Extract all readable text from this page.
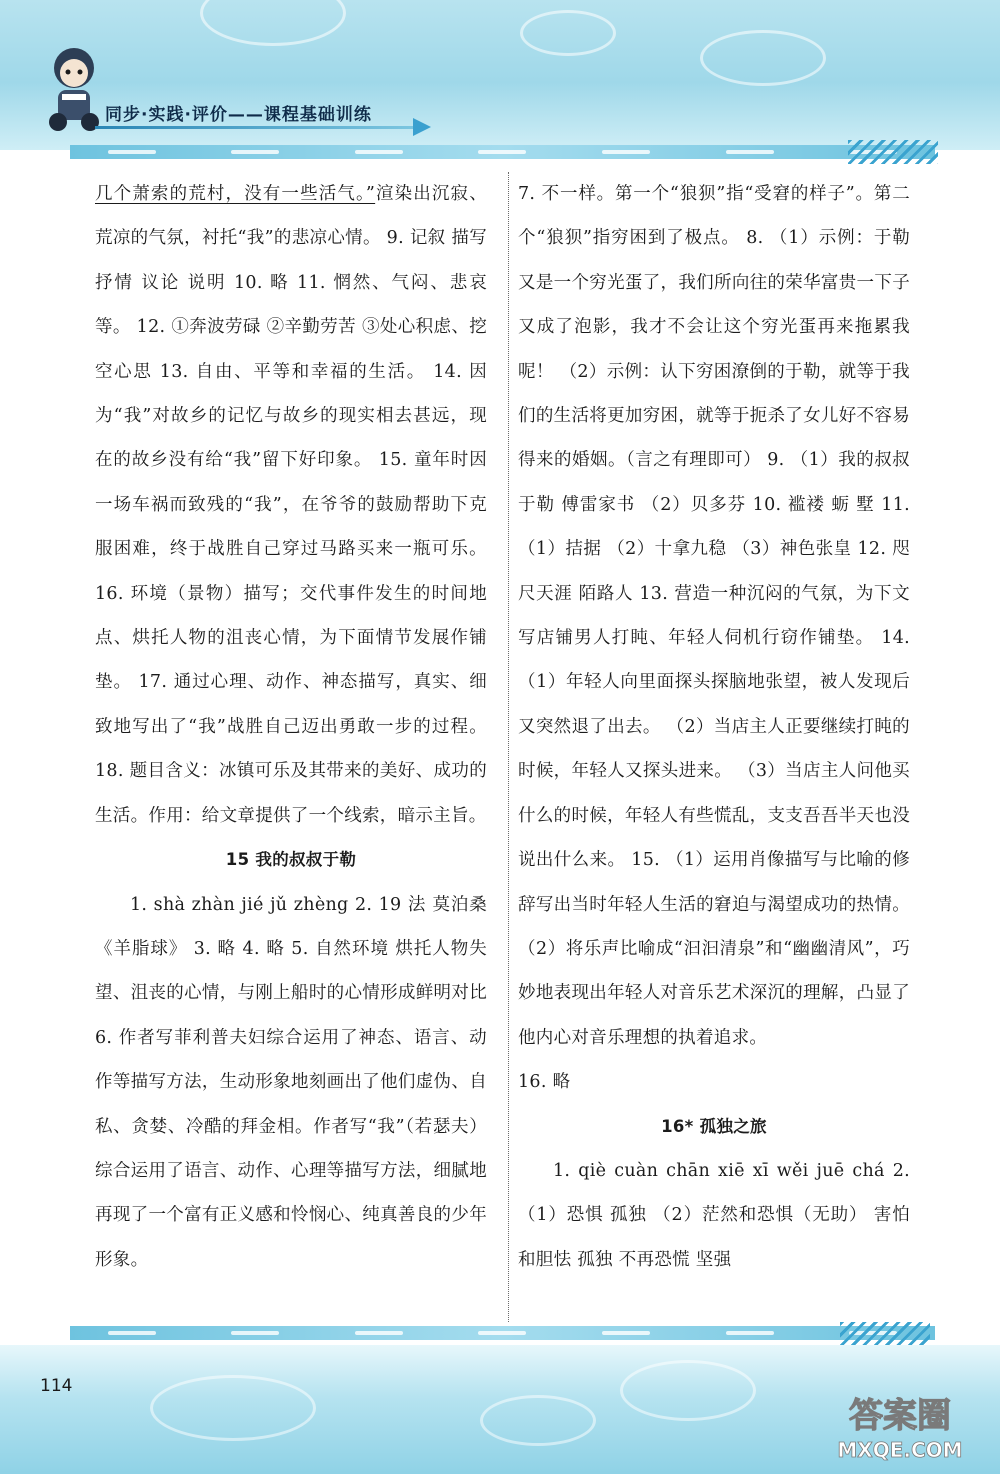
同步·实践·评价——课程基础训练

几个萧索的荒村，没有一些活气。”渲染出沉寂、荒凉的气氛，衬托“我”的悲凉心情。 9. 记叙 描写 抒情 议论 说明 10. 略 11. 惘然、气闷、悲哀等。 12. ①奔波劳碌 ②辛勤劳苦 ③处心积虑、挖空心思 13. 自由、平等和幸福的生活。 14. 因为“我”对故乡的记忆与故乡的现实相去甚远，现在的故乡没有给“我”留下好印象。 15. 童年时因一场车祸而致残的“我”，在爷爷的鼓励帮助下克服困难，终于战胜自己穿过马路买来一瓶可乐。 16. 环境（景物）描写；交代事件发生的时间地点、烘托人物的沮丧心情，为下面情节发展作铺垫。 17. 通过心理、动作、神态描写，真实、细致地写出了“我”战胜自己迈出勇敢一步的过程。 18. 题目含义：冰镇可乐及其带来的美好、成功的生活。作用：给文章提供了一个线索，暗示主旨。

15 我的叔叔于勒

1. shà zhàn jié jǔ zhèng 2. 19 法 莫泊桑 《羊脂球》 3. 略 4. 略 5. 自然环境 烘托人物失望、沮丧的心情，与刚上船时的心情形成鲜明对比 6. 作者写菲利普夫妇综合运用了神态、语言、动作等描写方法，生动形象地刻画出了他们虚伪、自私、贪婪、冷酷的拜金相。作者写“我”（若瑟夫）综合运用了语言、动作、心理等描写方法，细腻地再现了一个富有正义感和怜悯心、纯真善良的少年形象。

7. 不一样。第一个“狼狈”指“受窘的样子”。第二个“狼狈”指穷困到了极点。 8. （1）示例：于勒又是一个穷光蛋了，我们所向往的荣华富贵一下子又成了泡影，我才不会让这个穷光蛋再来拖累我呢！ （2）示例：认下穷困潦倒的于勒，就等于我们的生活将更加穷困，就等于扼杀了女儿好不容易得来的婚姻。（言之有理即可） 9. （1）我的叔叔于勒 傅雷家书 （2）贝多芬 10. 褴褛 蛎 墅 11. （1）拮据 （2）十拿九稳 （3）神色张皇 12. 咫尺天涯 陌路人 13. 营造一种沉闷的气氛，为下文写店铺男人打盹、年轻人伺机行窃作铺垫。 14. （1）年轻人向里面探头探脑地张望，被人发现后又突然退了出去。 （2）当店主人正要继续打盹的时候，年轻人又探头进来。 （3）当店主人问他买什么的时候，年轻人有些慌乱，支支吾吾半天也没说出什么来。 15. （1）运用肖像描写与比喻的修辞写出当时年轻人生活的窘迫与渴望成功的热情。 （2）将乐声比喻成“汩汩清泉”和“幽幽清风”，巧妙地表现出年轻人对音乐艺术深沉的理解，凸显了他内心对音乐理想的执着追求。

16. 略

16* 孤独之旅

1. qiè cuàn chān xiē xī wěi juē chá 2. （1）恐惧 孤独 （2）茫然和恐惧（无助） 害怕和胆怯 孤独 不再恐慌 坚强

114
答案圈
MXQE.COM
